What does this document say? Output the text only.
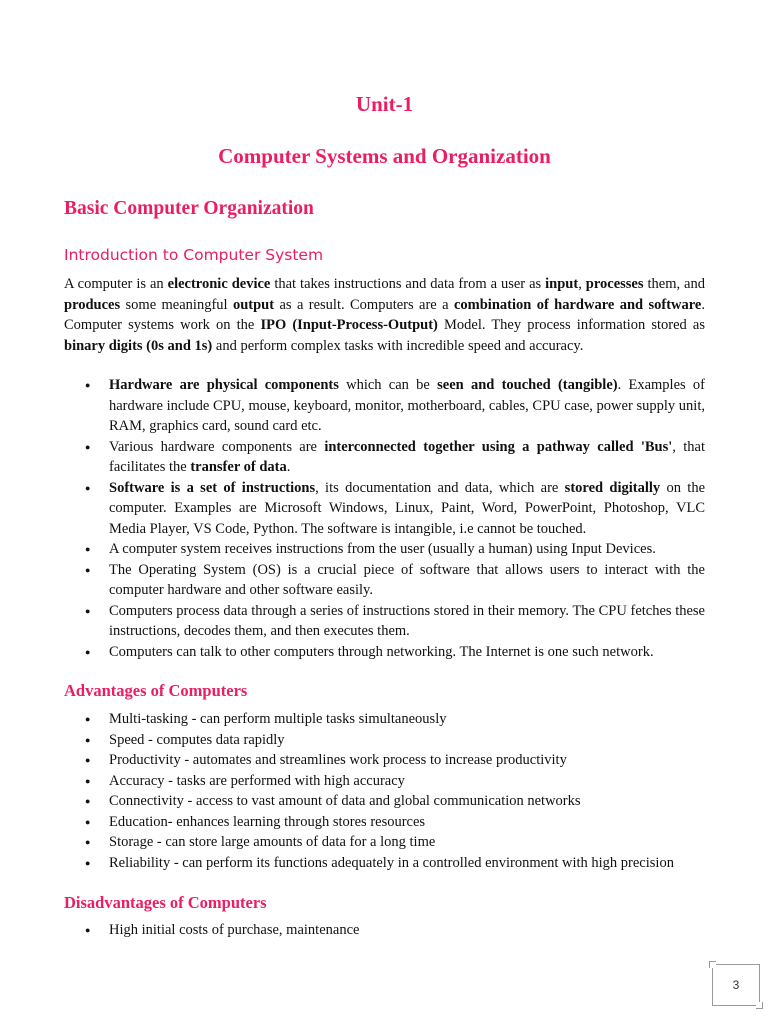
Unit-1
Computer Systems and Organization
Basic Computer Organization
Introduction to Computer System

A computer is an electronic device that takes instructions and data from a user as input, processes them, and produces some meaningful output as a result. Computers are a combination of hardware and software. Computer systems work on the IPO (Input-Process-Output) Model. They process information stored as binary digits (0s and 1s) and perform complex tasks with incredible speed and accuracy.

● Hardware are physical components which can be seen and touched (tangible). Examples of hardware include CPU, mouse, keyboard, monitor, motherboard, cables, CPU case, power supply unit, RAM, graphics card, sound card etc.
● Various hardware components are interconnected together using a pathway called 'Bus', that facilitates the transfer of data.
● Software is a set of instructions, its documentation and data, which are stored digitally on the computer. Examples are Microsoft Windows, Linux, Paint, Word, PowerPoint, Photoshop, VLC Media Player, VS Code, Python. The software is intangible, i.e cannot be touched.
● A computer system receives instructions from the user (usually a human) using Input Devices.
● The Operating System (OS) is a crucial piece of software that allows users to interact with the computer hardware and other software easily.
● Computers process data through a series of instructions stored in their memory. The CPU fetches these instructions, decodes them, and then executes them.
● Computers can talk to other computers through networking. The Internet is one such network.
Advantages of Computers
● Multi-tasking - can perform multiple tasks simultaneously
● Speed - computes data rapidly
● Productivity - automates and streamlines work process to increase productivity
● Accuracy - tasks are performed with high accuracy
● Connectivity - access to vast amount of data and global communication networks
● Education- enhances learning through stores resources
● Storage - can store large amounts of data for a long time
● Reliability - can perform its functions adequately in a controlled environment with high precision
Disadvantages of Computers
● High initial costs of purchase, maintenance
3
